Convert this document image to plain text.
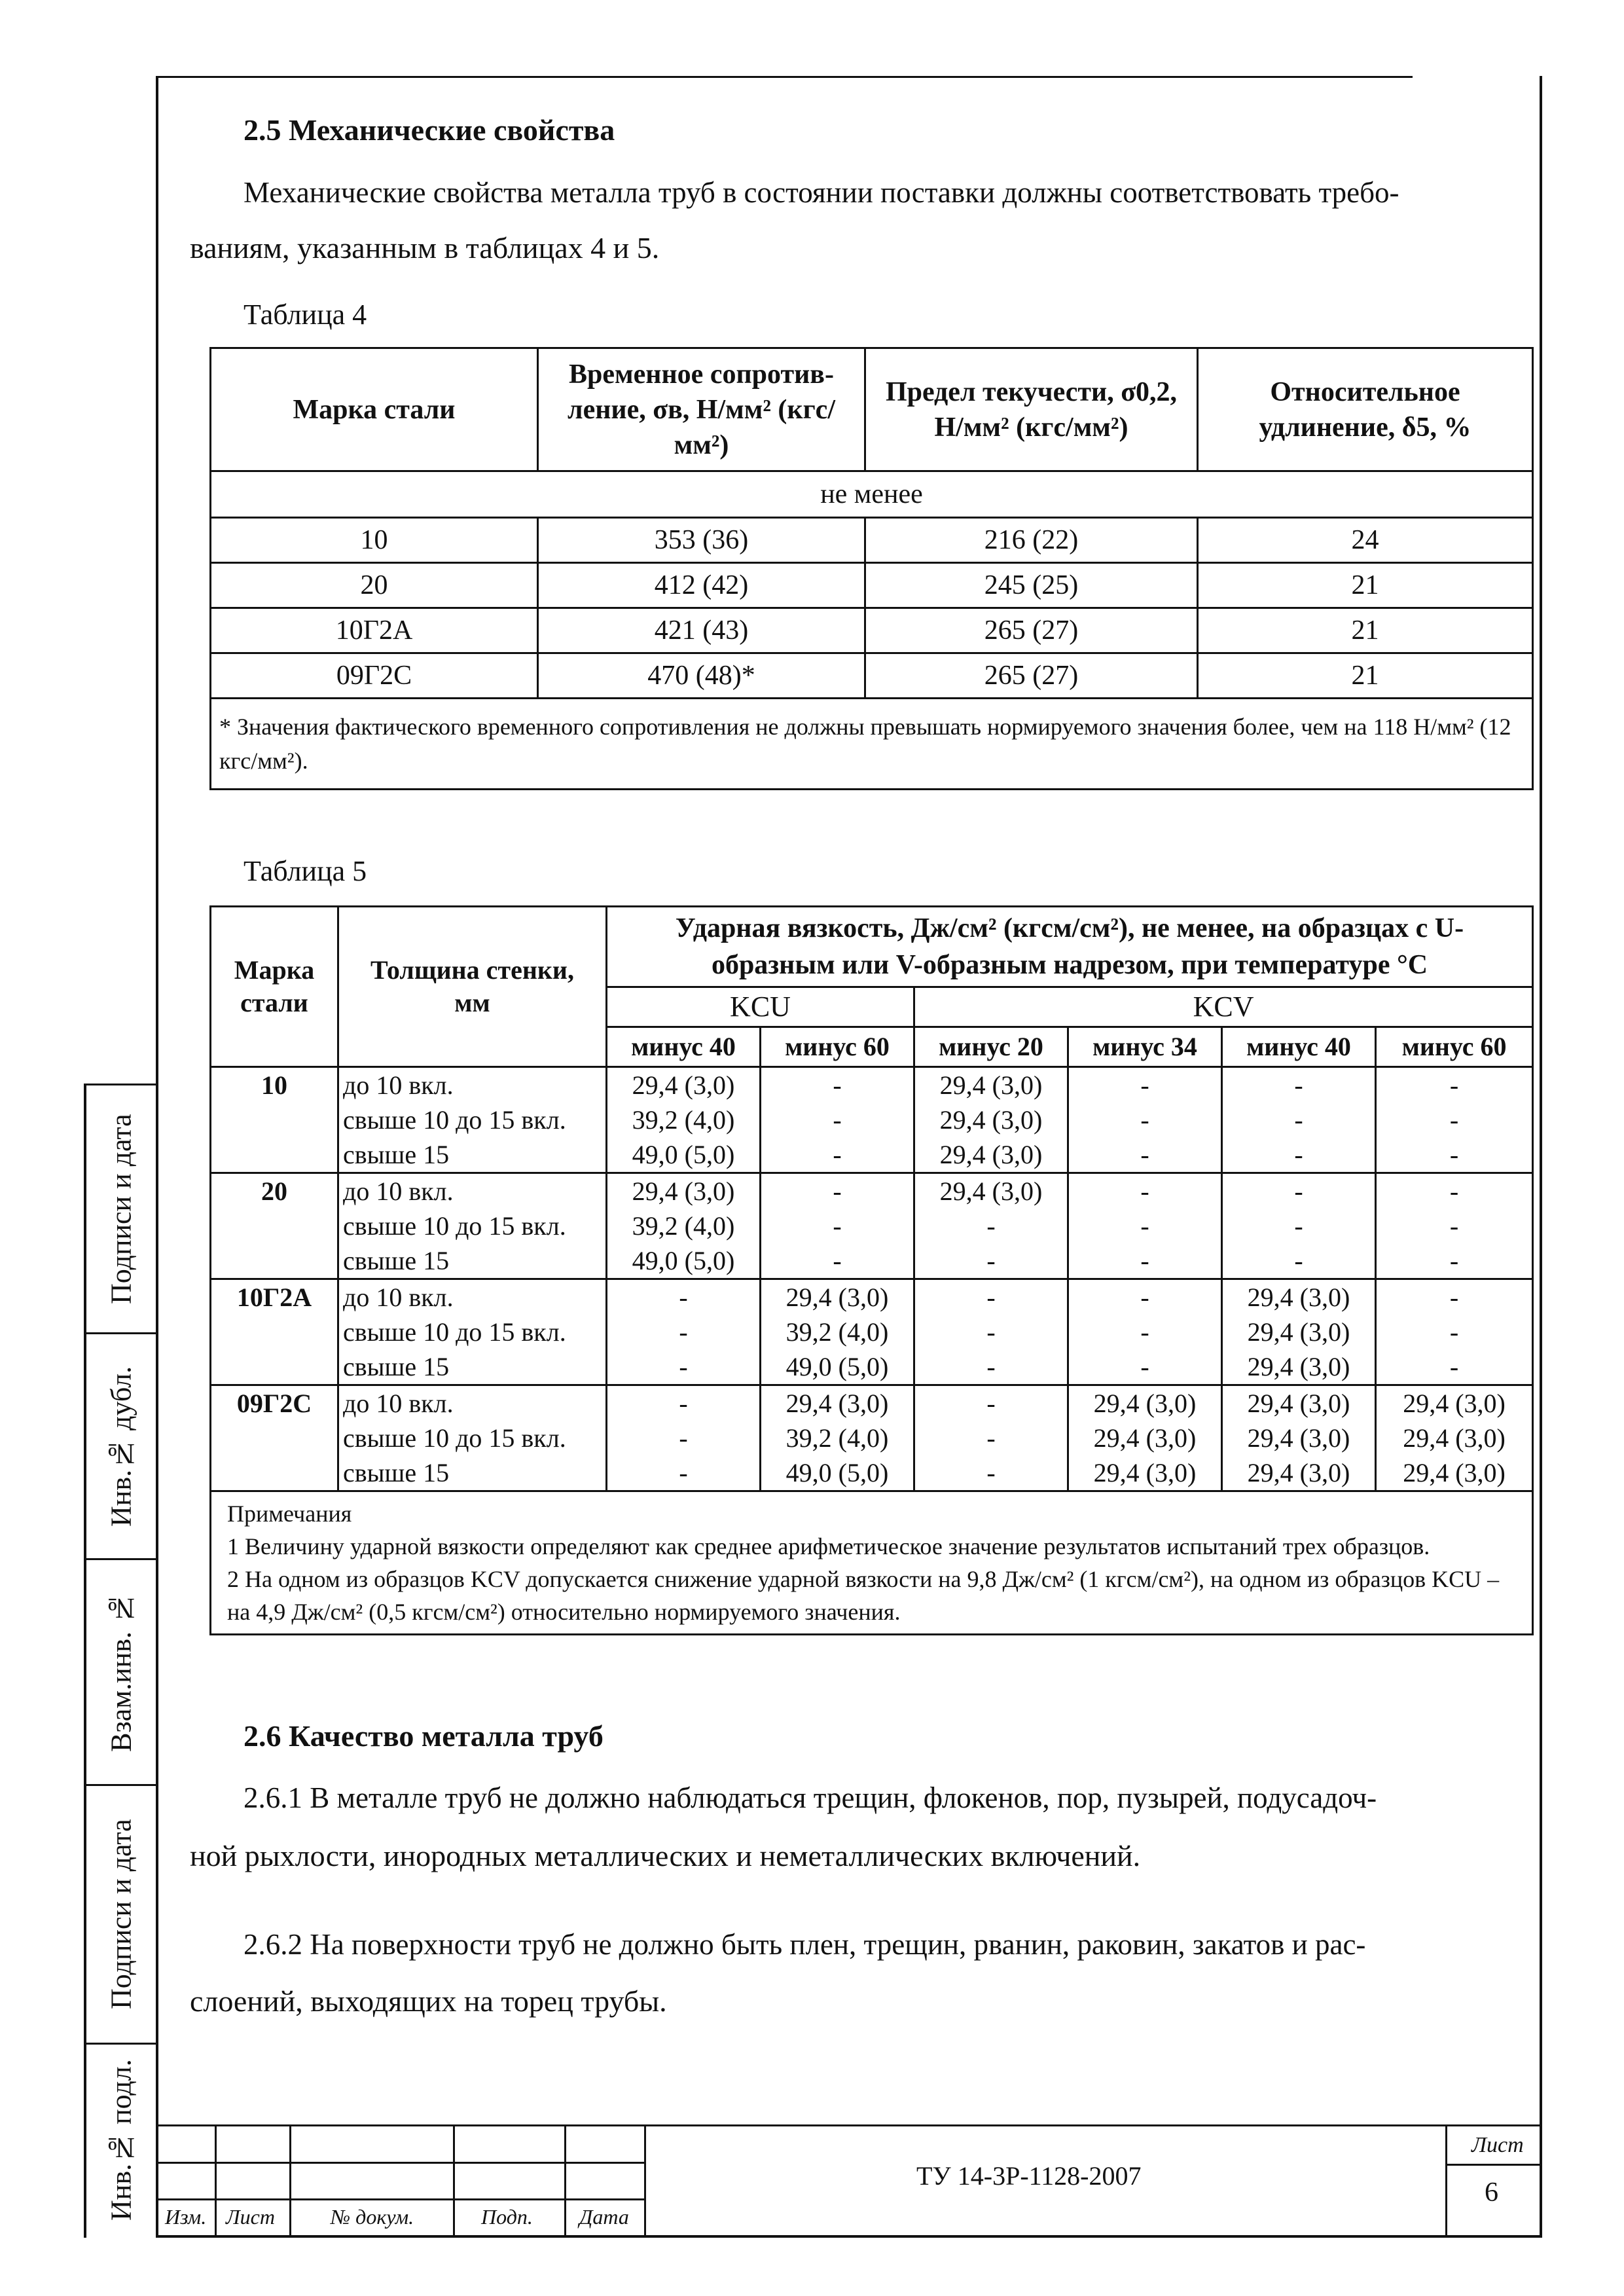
Подписи и дата
Инв.№ дубл.
Взам.инв. №
Подписи и дата
Инв.№ подл.
2.5 Механические свойства
Механические свойства металла труб в состоянии поставки должны соответствовать требо-
ваниям, указанным в таблицах 4 и 5.
Таблица 4
Марка стали	Временное сопротив- ление, σв, Н/мм² (кгс/мм²)	Предел текучести, σ0,2, Н/мм² (кгс/мм²)	Относительное удлинение, δ5, %
не менее			
10	353 (36)	216 (22)	24
20	412 (42)	245 (25)	21
10Г2А	421 (43)	265 (27)	21
09Г2С	470 (48)*	265 (27)	21
* Значения фактического временного сопротивления не должны превышать нормируемого значения более, чем на 118 Н/мм² (12 кгс/мм²).			
Таблица 5
Марка стали	Толщина стенки, мм	Ударная вязкость, Дж/см² (кгсм/см²), не менее, на образцах с U-образным или V-образным надрезом, при температуре °С					
		KCU		KCV			
		минус 40	минус 60	минус 20	минус 34	минус 40	минус 60
10	до 10 вкл.	29,4 (3,0)	-	29,4 (3,0)	-	-	-
	свыше 10 до 15 вкл.	39,2 (4,0)	-	29,4 (3,0)	-	-	-
	свыше 15	49,0 (5,0)	-	29,4 (3,0)	-	-	-
20	до 10 вкл.	29,4 (3,0)	-	29,4 (3,0)	-	-	-
	свыше 10 до 15 вкл.	39,2 (4,0)	-	-	-	-	-
	свыше 15	49,0 (5,0)	-	-	-	-	-
10Г2А	до 10 вкл.	-	29,4 (3,0)	-	-	29,4 (3,0)	-
	свыше 10 до 15 вкл.	-	39,2 (4,0)	-	-	29,4 (3,0)	-
	свыше 15	-	49,0 (5,0)	-	-	29,4 (3,0)	-
09Г2С	до 10 вкл.	-	29,4 (3,0)	-	29,4 (3,0)	29,4 (3,0)	29,4 (3,0)
	свыше 10 до 15 вкл.	-	39,2 (4,0)	-	29,4 (3,0)	29,4 (3,0)	29,4 (3,0)
	свыше 15	-	49,0 (5,0)	-	29,4 (3,0)	29,4 (3,0)	29,4 (3,0)

Примечания
1 Величину ударной вязкости определяют как среднее арифметическое значение результатов испытаний трех образцов.
2 На одном из образцов KCV допускается снижение ударной вязкости на 9,8 Дж/см² (1 кгсм/см²), на одном из образцов KCU – на 4,9 Дж/см² (0,5 кгсм/см²) относительно нормируемого значения.							
2.6 Качество металла труб
2.6.1 В металле труб не должно наблюдаться трещин, флокенов, пор, пузырей, подусадоч-
ной рыхлости, инородных металлических и неметаллических включений.
2.6.2 На поверхности труб не должно быть плен, трещин, рванин, раковин, закатов и рас-
слоений, выходящих на торец трубы.
Изм. Лист	№ докум.	Подп. Дата
ТУ 14-3Р-1128-2007
Лист
6
